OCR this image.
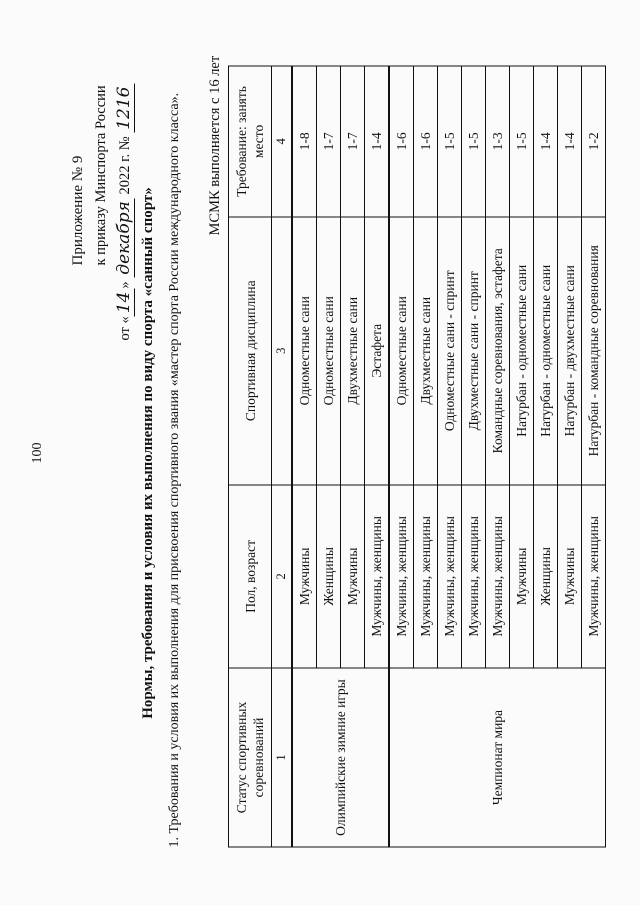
100
Приложение № 9 к приказу Минспорта России
от «14» декабря 2022 г. № 1216
Нормы, требования и условия их выполнения по виду спорта «санный спорт» 1. Требования и условия их выполнения для присвоения спортивного звания «мастер спорта России международного класса». МСМК выполняется с 16 лет
Статус спортивных соревнований	Пол, возраст	Спортивная дисциплина	Требование: занять место
1	2	3	4
Олимпийские зимние игры	Мужчины	Одноместные сани	1-8
	Женщины	Одноместные сани	1-7
	Мужчины	Двухместные сани	1-7
	Мужчины, женщины	Эстафета	1-4
Чемпионат мира	Мужчины, женщины	Одноместные сани	1-6
	Мужчины, женщины	Двухместные сани	1-6
	Мужчины, женщины	Одноместные сани - спринт	1-5
	Мужчины, женщины	Двухместные сани - спринт	1-5
	Мужчины, женщины	Командные соревнования, эстафета	1-3
	Мужчины	Натурбан - одноместные сани	1-5
	Женщины	Натурбан - одноместные сани	1-4
	Мужчины	Натурбан - двухместные сани	1-4
	Мужчины, женщины	Натурбан - командные соревнования	1-2
